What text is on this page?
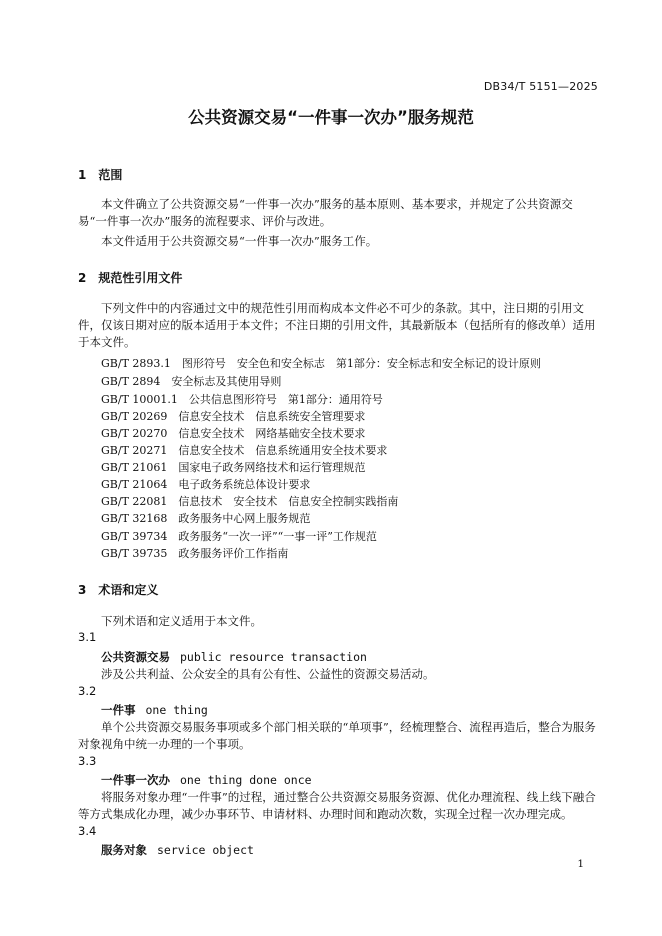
DB34/T 5151—2025
公共资源交易“一件事一次办”服务规范
1　范围
本文件确立了公共资源交易“一件事一次办”服务的基本原则、基本要求，并规定了公共资源交易“一件事一次办”服务的流程要求、评价与改进。
本文件适用于公共资源交易“一件事一次办”服务工作。
2　规范性引用文件
下列文件中的内容通过文中的规范性引用而构成本文件必不可少的条款。其中，注日期的引用文件，仅该日期对应的版本适用于本文件；不注日期的引用文件，其最新版本（包括所有的修改单）适用于本文件。
GB/T 2893.1　图形符号　安全色和安全标志　第1部分：安全标志和安全标记的设计原则
GB/T 2894　安全标志及其使用导则
GB/T 10001.1　公共信息图形符号　第1部分：通用符号
GB/T 20269　信息安全技术　信息系统安全管理要求
GB/T 20270　信息安全技术　网络基础安全技术要求
GB/T 20271　信息安全技术　信息系统通用安全技术要求
GB/T 21061　国家电子政务网络技术和运行管理规范
GB/T 21064　电子政务系统总体设计要求
GB/T 22081　信息技术　安全技术　信息安全控制实践指南
GB/T 32168　政务服务中心网上服务规范
GB/T 39734　政务服务“一次一评”“一事一评”工作规范
GB/T 39735　政务服务评价工作指南
3　术语和定义
下列术语和定义适用于本文件。
3.1
公共资源交易 public resource transaction
涉及公共利益、公众安全的具有公有性、公益性的资源交易活动。
3.2
一件事 one thing
单个公共资源交易服务事项或多个部门相关联的“单项事”，经梳理整合、流程再造后，整合为服务对象视角中统一办理的一个事项。
3.3
一件事一次办 one thing done once
将服务对象办理“一件事”的过程，通过整合公共资源交易服务资源、优化办理流程、线上线下融合等方式集成化办理，减少办事环节、申请材料、办理时间和跑动次数，实现全过程一次办理完成。
3.4
服务对象 service object
1
